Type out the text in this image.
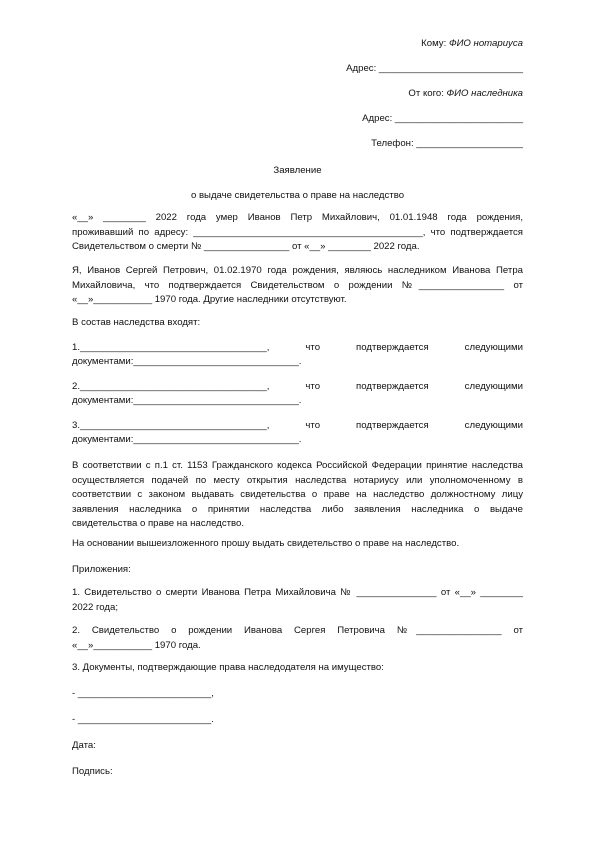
Кому: ФИО нотариуса
Адрес: ___________________________
От кого: ФИО наследника
Адрес: ________________________
Телефон: ____________________
Заявление
о выдаче свидетельства о праве на наследство
«__» ________ 2022 года умер Иванов Петр Михайлович, 01.01.1948 года рождения,
проживавший по адресу: ___________________________________________, что подтверждается
Свидетельством о смерти № ________________ от «__» ________ 2022 года.
Я, Иванов Сергей Петрович, 01.02.1970 года рождения, являюсь наследником Иванова Петра
Михайловича, что подтверждается Свидетельством о рождении №________________ от
«__»___________ 1970 года. Другие наследники отсутствуют.
В состав наследства входят:
1.___________________________________,	что	подтверждается	следующими
документами:_______________________________.
2.___________________________________,	что	подтверждается	следующими
документами:_______________________________.
3.___________________________________,	что	подтверждается	следующими
документами:_______________________________.
В соответствии с п.1 ст. 1153 Гражданского кодекса Российской Федерации принятие наследства
осуществляется подачей по месту открытия наследства нотариусу или уполномоченному в
соответствии с законом выдавать свидетельства о праве на наследство должностному лицу
заявления наследника о принятии наследства либо заявления наследника о выдаче
свидетельства о праве на наследство.
На основании вышеизложенного прошу выдать свидетельство о праве на наследство.
Приложения:
1. Свидетельство о смерти Иванова Петра Михайловича № _______________ от «__» ________
2022 года;
2. Свидетельство о рождении Иванова Сергея Петровича №________________ от
«__»___________ 1970 года.
3. Документы, подтверждающие права наследодателя на имущество:
- _________________________,
- _________________________.
Дата:
Подпись:
